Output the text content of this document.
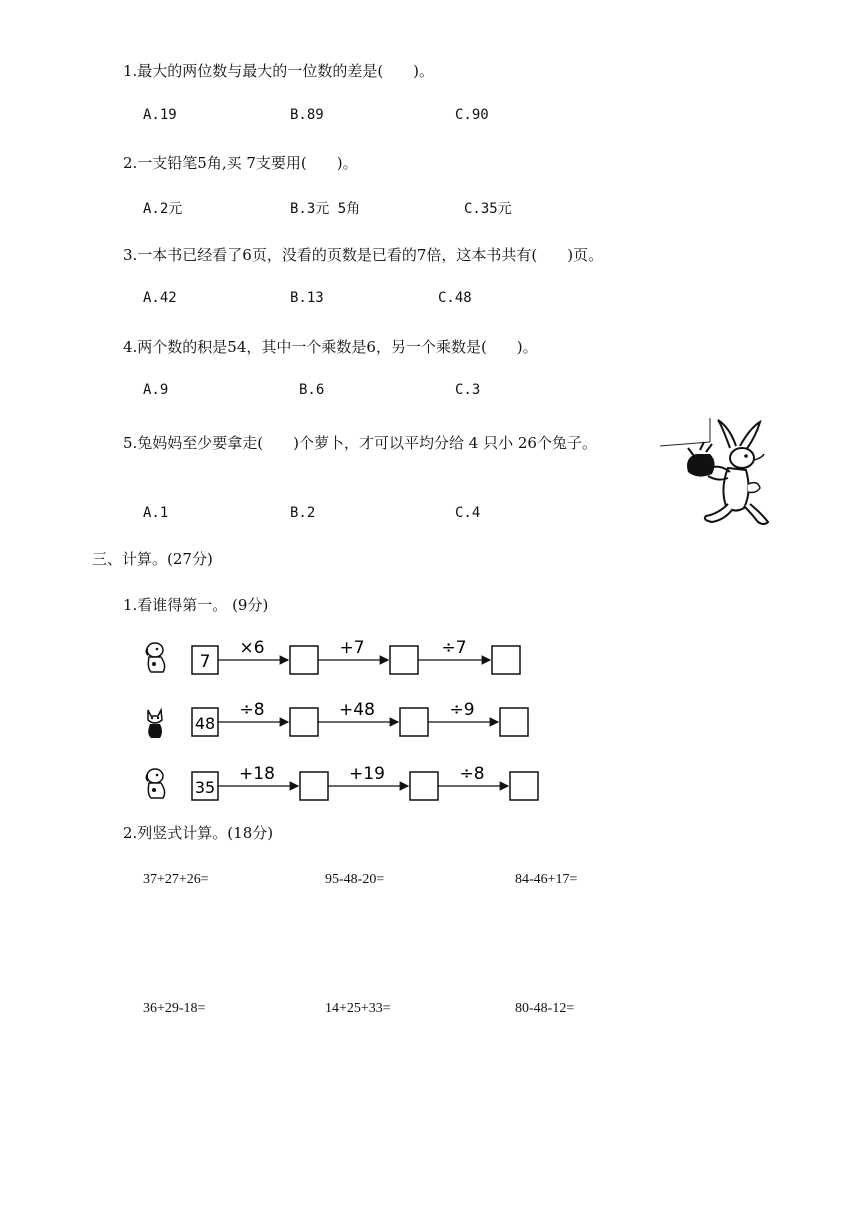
1.最大的两位数与最大的一位数的差是(　　)。
A.19	B.89	C.90
2.一支铅笔5角,买 7支要用(　　)。
A.2元	B.3元 5角	C.35元
3.一本书已经看了6页，没看的页数是已看的7倍，这本书共有(　　)页。
A.42	B.13	C.48
4.两个数的积是54，其中一个乘数是6，另一个乘数是(　　)。
A.9	B.6	C.3
5.兔妈妈至少要拿走(　　)个萝卜，才可以平均分给 4 只小 26个兔子。
A.1	B.2	C.4
三、计算。(27分)
1.看谁得第一。 (9分)
7
×6	+7	÷7
48
÷8	+48	÷9
35
+18	+19	÷8
2.列竖式计算。(18分)
37+27+26=	95-48-20=	84-46+17=
36+29-18=	14+25+33=	80-48-12=
